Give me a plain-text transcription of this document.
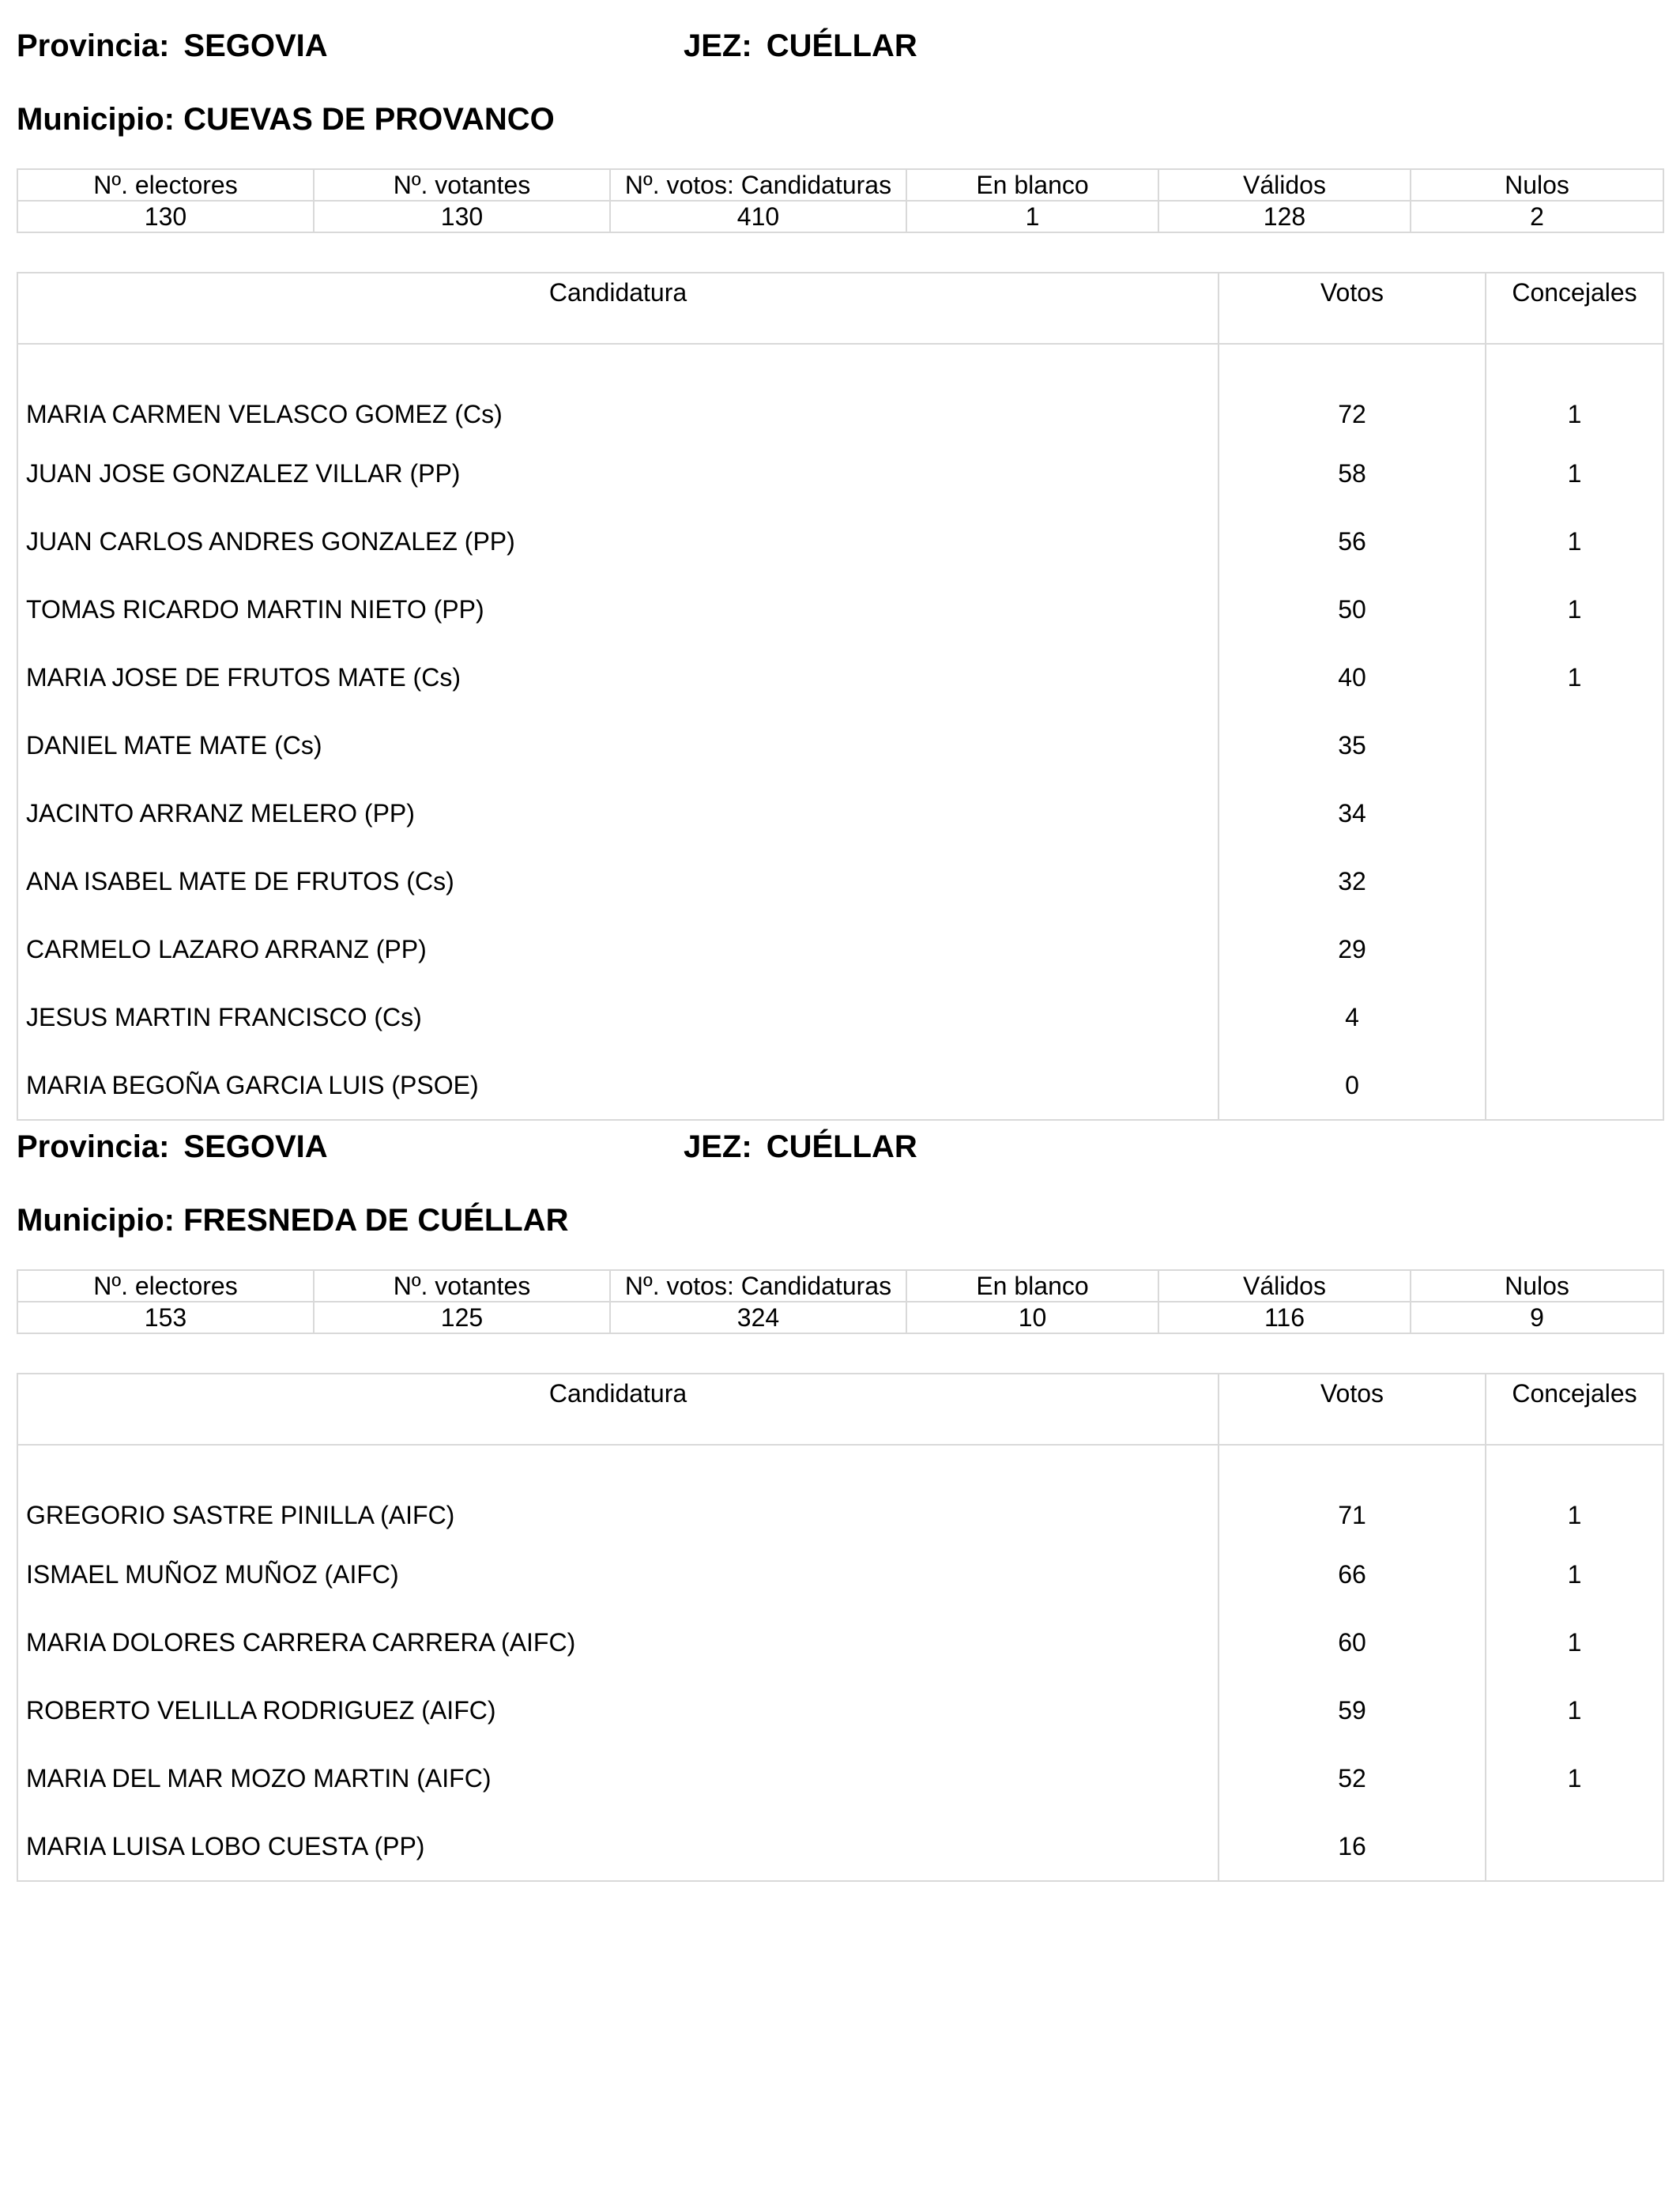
Provincia: SEGOVIA	JEZ: CUÉLLAR
Municipio: CUEVAS DE PROVANCO
Nº. electores	Nº. votantes	Nº. votos: Candidaturas	En blanco	Válidos	Nulos
130	130	410	1	128	2
Candidatura	Votos	Concejales
MARIA CARMEN VELASCO GOMEZ (Cs)	72	1
JUAN JOSE GONZALEZ VILLAR (PP)	58	1
JUAN CARLOS ANDRES GONZALEZ (PP)	56	1
TOMAS RICARDO MARTIN NIETO (PP)	50	1
MARIA JOSE DE FRUTOS MATE (Cs)	40	1
DANIEL MATE MATE (Cs)	35	
JACINTO ARRANZ MELERO (PP)	34	
ANA ISABEL MATE DE FRUTOS (Cs)	32	
CARMELO LAZARO ARRANZ (PP)	29	
JESUS MARTIN FRANCISCO (Cs)	4	
MARIA BEGOÑA GARCIA LUIS (PSOE)	0	
Provincia: SEGOVIA	JEZ: CUÉLLAR
Municipio: FRESNEDA DE CUÉLLAR
Nº. electores	Nº. votantes	Nº. votos: Candidaturas	En blanco	Válidos	Nulos
153	125	324	10	116	9
Candidatura	Votos	Concejales
GREGORIO SASTRE PINILLA (AIFC)	71	1
ISMAEL MUÑOZ MUÑOZ (AIFC)	66	1
MARIA DOLORES CARRERA CARRERA (AIFC)	60	1
ROBERTO VELILLA RODRIGUEZ (AIFC)	59	1
MARIA DEL MAR MOZO MARTIN (AIFC)	52	1
MARIA LUISA LOBO CUESTA (PP)	16	
